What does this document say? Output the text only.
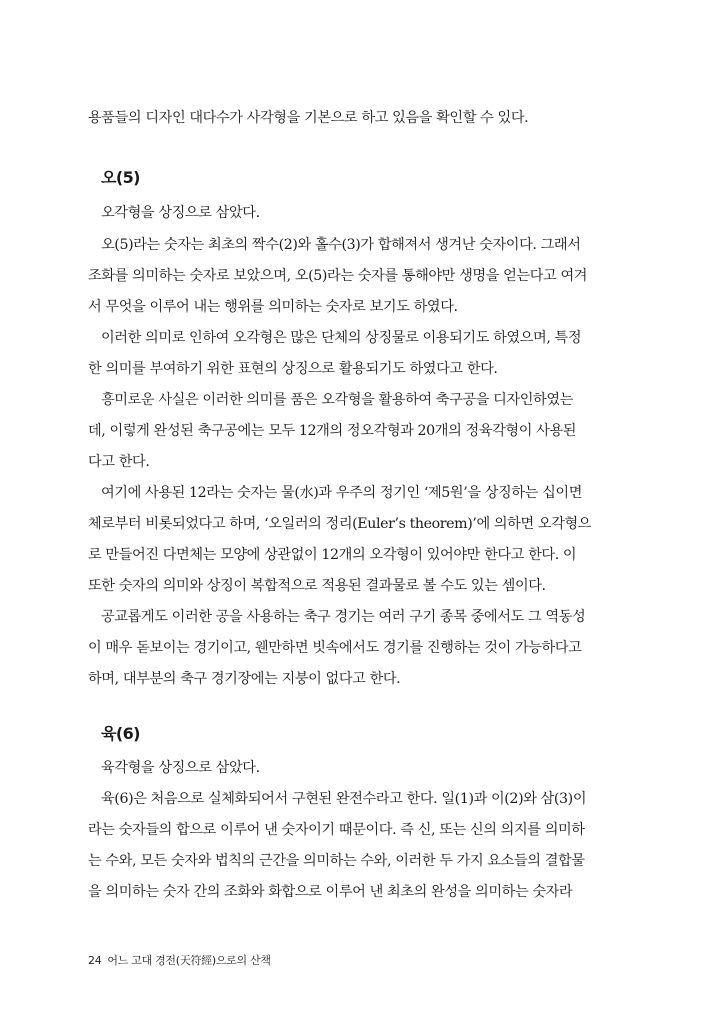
용품들의 디자인 대다수가 사각형을 기본으로 하고 있음을 확인할 수 있다.
오(5)
오각형을 상징으로 삼았다.
오(5)라는 숫자는 최초의 짝수(2)와 홀수(3)가 합해져서 생겨난 숫자이다. 그래서
조화를 의미하는 숫자로 보았으며, 오(5)라는 숫자를 통해야만 생명을 얻는다고 여겨
서 무엇을 이루어 내는 행위를 의미하는 숫자로 보기도 하였다.
이러한 의미로 인하여 오각형은 많은 단체의 상징물로 이용되기도 하였으며, 특정
한 의미를 부여하기 위한 표현의 상징으로 활용되기도 하였다고 한다.
흥미로운 사실은 이러한 의미를 품은 오각형을 활용하여 축구공을 디자인하였는
데, 이렇게 완성된 축구공에는 모두 12개의 정오각형과 20개의 정육각형이 사용된
다고 한다.
여기에 사용된 12라는 숫자는 물(水)과 우주의 정기인 ‘제5원’을 상징하는 십이면
체로부터 비롯되었다고 하며, ‘오일러의 정리(Euler’s theorem)’에 의하면 오각형으
로 만들어진 다면체는 모양에 상관없이 12개의 오각형이 있어야만 한다고 한다. 이
또한 숫자의 의미와 상징이 복합적으로 적용된 결과물로 볼 수도 있는 셈이다.
공교롭게도 이러한 공을 사용하는 축구 경기는 여러 구기 종목 중에서도 그 역동성
이 매우 돋보이는 경기이고, 웬만하면 빗속에서도 경기를 진행하는 것이 가능하다고
하며, 대부분의 축구 경기장에는 지붕이 없다고 한다.
육(6)
육각형을 상징으로 삼았다.
육(6)은 처음으로 실체화되어서 구현된 완전수라고 한다. 일(1)과 이(2)와 삼(3)이
라는 숫자들의 합으로 이루어 낸 숫자이기 때문이다. 즉 신, 또는 신의 의지를 의미하
는 수와, 모든 숫자와 법칙의 근간을 의미하는 수와, 이러한 두 가지 요소들의 결합물
을 의미하는 숫자 간의 조화와 화합으로 이루어 낸 최초의 완성을 의미하는 숫자라
24 어느 고대 경전(天符經)으로의 산책
